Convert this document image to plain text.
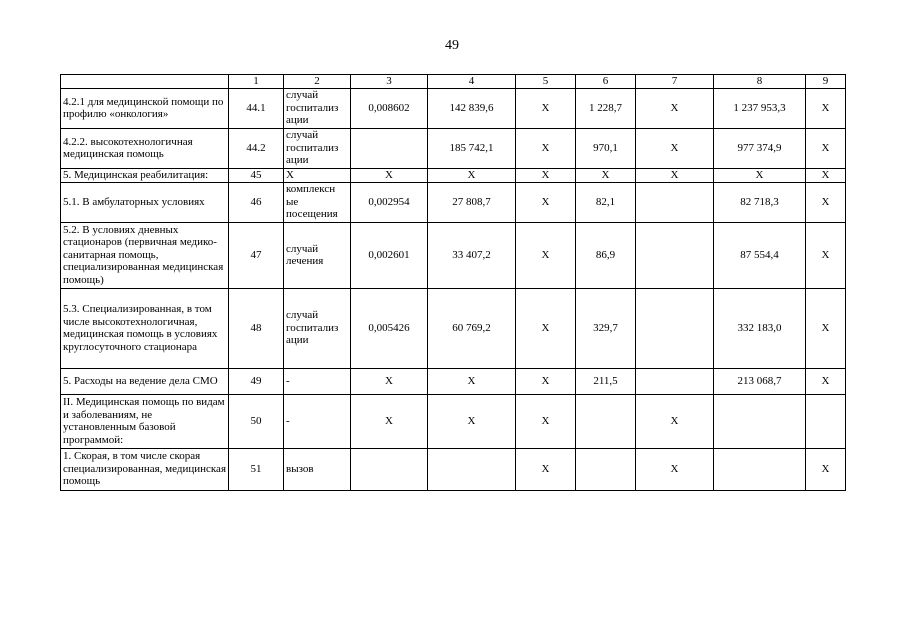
49
	1	2	3	4	5	6	7	8	9
4.2.1 для медицинской помощи по профилю «онкология»	44.1	случай госпитализ ации	0,008602	142 839,6	X	1 228,7	X	1 237 953,3	X
4.2.2. высокотехнологичная медицинская помощь	44.2	случай госпитализ ации		185 742,1	X	970,1	X	977 374,9	X
5. Медицинская реабилитация:	45	X	X	X	X	X	X	X	X
5.1. В амбулаторных условиях	46	комплексн ые посещения	0,002954	27 808,7	X	82,1		82 718,3	X
5.2. В условиях дневных стационаров (первичная медико-санитарная помощь, специализированная медицинская помощь)	47	случай лечения	0,002601	33 407,2	X	86,9		87 554,4	X
5.3. Специализированная, в том числе высокотехнологичная, медицинская помощь в условиях круглосуточного стационара	48	случай госпитализ ации	0,005426	60 769,2	X	329,7		332 183,0	X
5. Расходы на ведение дела СМО	49	-	X	X	X	211,5		213 068,7	X
II. Медицинская помощь по видам и заболеваниям, не установленным базовой программой:	50	-	X	X	X		X		
1. Скорая, в том числе скорая специализированная, медицинская помощь	51	вызов			X		X		X
